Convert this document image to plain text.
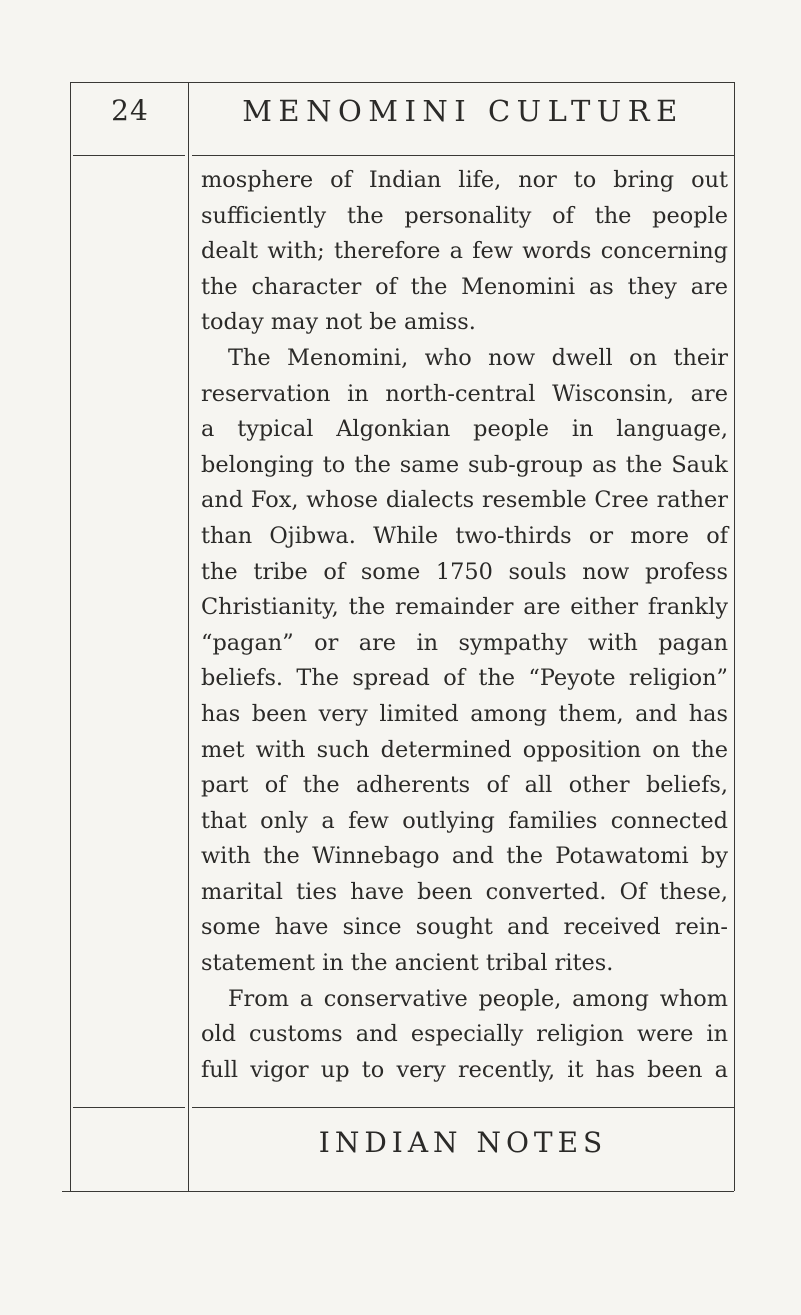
24	MENOMINI CULTURE
mosphere of Indian life, nor to bring out
sufficiently the personality of the people
dealt with; therefore a few words concerning
the character of the Menomini as they are
today may not be amiss.
The Menomini, who now dwell on their
reservation in north-central Wisconsin, are
a typical Algonkian people in language,
belonging to the same sub-group as the Sauk
and Fox, whose dialects resemble Cree rather
than Ojibwa. While two-thirds or more of
the tribe of some 1750 souls now profess
Christianity, the remainder are either frankly
“pagan” or are in sympathy with pagan
beliefs. The spread of the “Peyote religion”
has been very limited among them, and has
met with such determined opposition on the
part of the adherents of all other beliefs,
that only a few outlying families connected
with the Winnebago and the Potawatomi by
marital ties have been converted. Of these,
some have since sought and received rein-
statement in the ancient tribal rites.
From a conservative people, among whom
old customs and especially religion were in
full vigor up to very recently, it has been a
INDIAN NOTES
